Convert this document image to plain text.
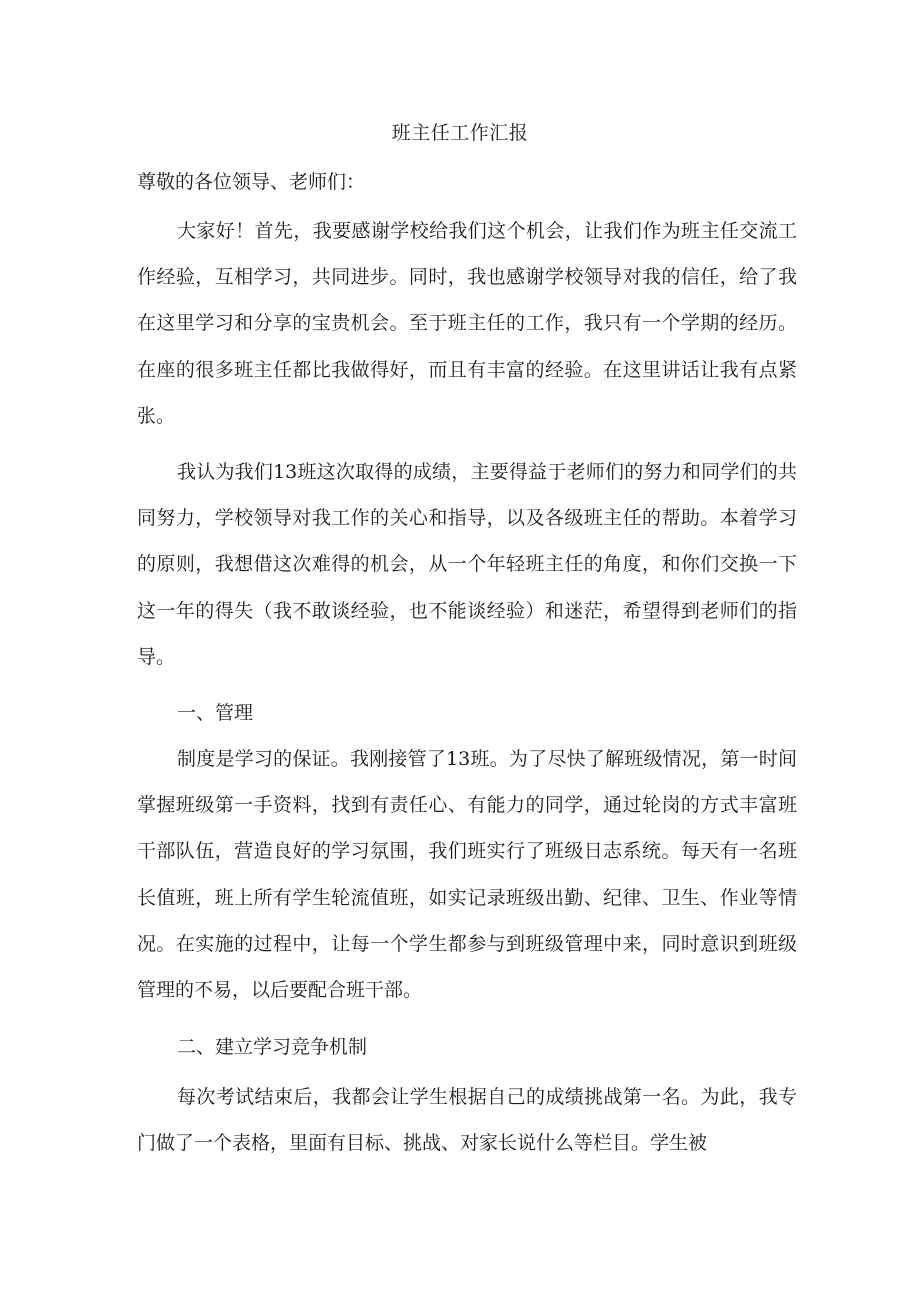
班主任工作汇报
尊敬的各位领导、老师们：

大家好！首先，我要感谢学校给我们这个机会，让我们作为班主任交流工作经验，互相学习，共同进步。同时，我也感谢学校领导对我的信任，给了我在这里学习和分享的宝贵机会。至于班主任的工作，我只有一个学期的经历。在座的很多班主任都比我做得好，而且有丰富的经验。在这里讲话让我有点紧张。

我认为我们13班这次取得的成绩，主要得益于老师们的努力和同学们的共同努力，学校领导对我工作的关心和指导，以及各级班主任的帮助。本着学习的原则，我想借这次难得的机会，从一个年轻班主任的角度，和你们交换一下这一年的得失（我不敢谈经验，也不能谈经验）和迷茫，希望得到老师们的指导。

一、管理

制度是学习的保证。我刚接管了13班。为了尽快了解班级情况，第一时间掌握班级第一手资料，找到有责任心、有能力的同学，通过轮岗的方式丰富班干部队伍，营造良好的学习氛围，我们班实行了班级日志系统。每天有一名班长值班，班上所有学生轮流值班，如实记录班级出勤、纪律、卫生、作业等情况。在实施的过程中，让每一个学生都参与到班级管理中来，同时意识到班级管理的不易，以后要配合班干部。

二、建立学习竞争机制

每次考试结束后，我都会让学生根据自己的成绩挑战第一名。为此，我专门做了一个表格，里面有目标、挑战、对家长说什么等栏目。学生被
